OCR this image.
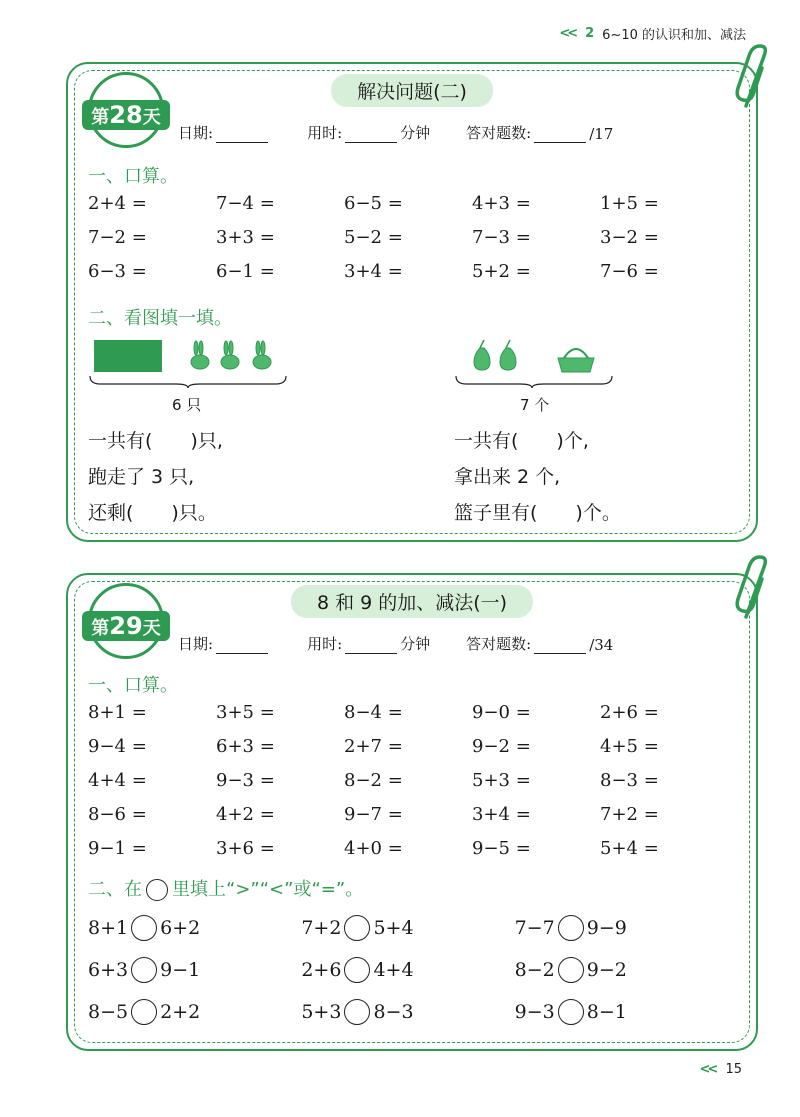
<< 2 6~10 的认识和加、减法
解决问题(二)
第28天
日期:	用时:	分钟 答对题数:	/17
一、口算。
2+4 =	7−4 =	6−5 =	4+3 =	1+5 =
7−2 =	3+3 =	5−2 =	7−3 =	3−2 =
6−3 =	6−1 =	3+4 =	5+2 =	7−6 =
二、看图填一填。
6 只	7 个
一共有(　　)只,
跑走了 3 只,
还剩(　　)只。
一共有(　　)个,
拿出来 2 个,
篮子里有(　　)个。
8 和 9 的加、减法(一)
第29天
日期:	用时:	分钟 答对题数:	/34
一、口算。
8+1 =	3+5 =	8−4 =	9−0 =	2+6 =
9−4 =	6+3 =	2+7 =	9−2 =	4+5 =
4+4 =	9−3 =	8−2 =	5+3 =	8−3 =
8−6 =	4+2 =	9−7 =	3+4 =	7+2 =
9−1 =	3+6 =	4+0 =	9−5 =	5+4 =
二、在 里填上“>”“<”或“=”。
8+1 6+2	7+2 5+4	7−7 9−9
6+3 9−1	2+6 4+4	8−2 9−2
8−5 2+2	5+3 8−3	9−3 8−1
<< 15
